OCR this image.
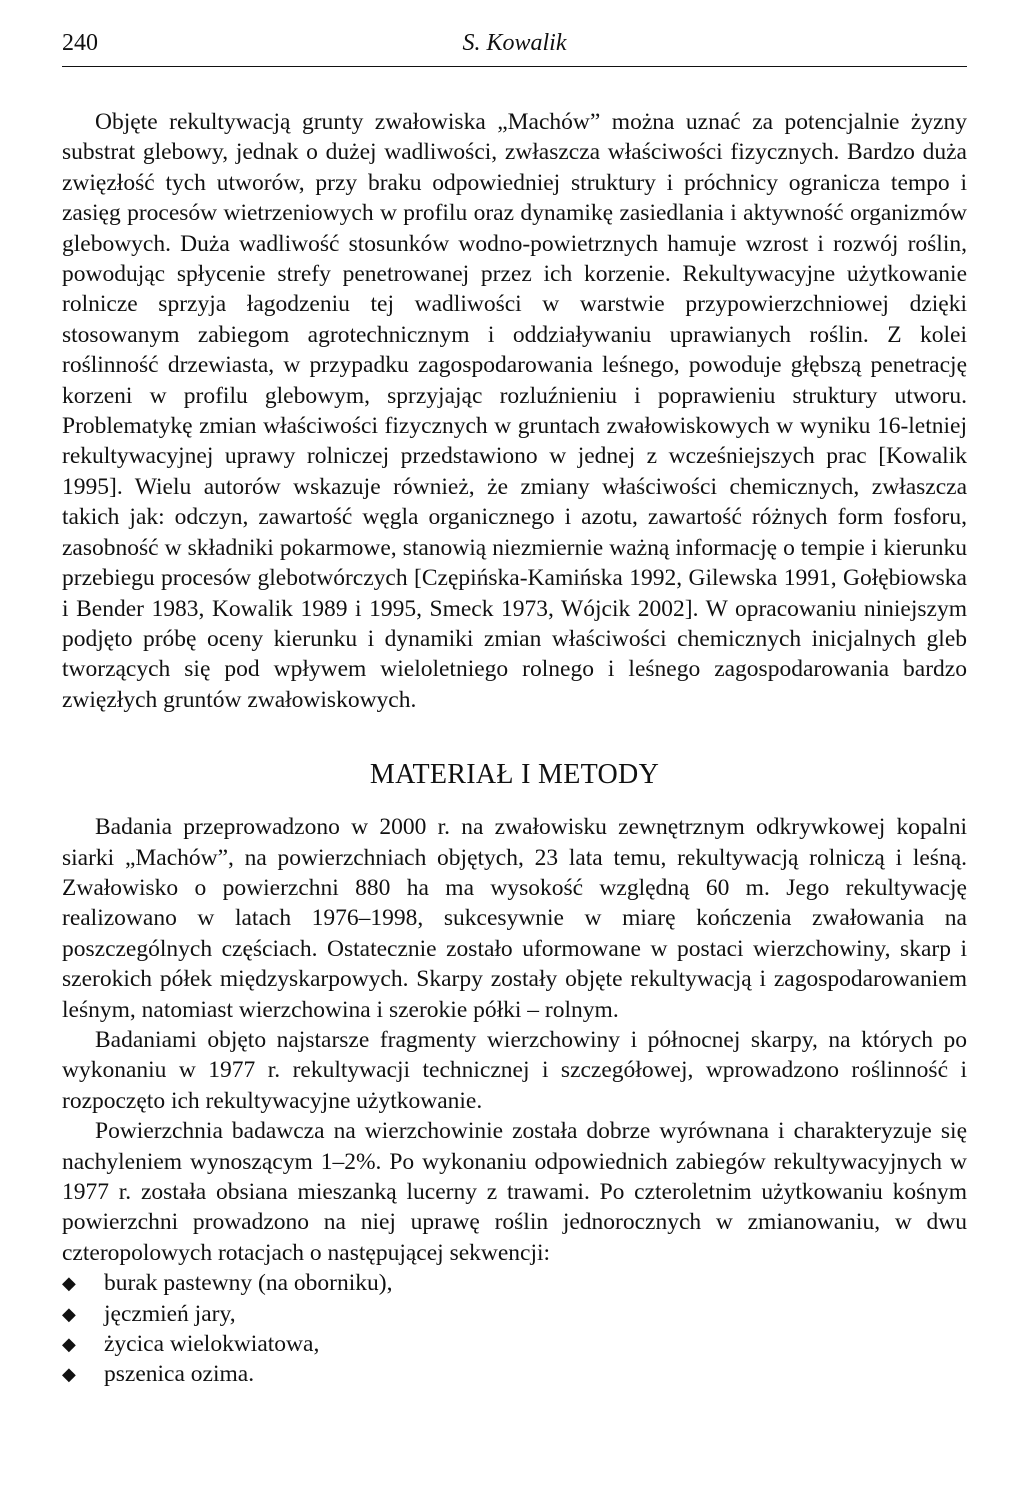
240	S. Kowalik

Objęte rekultywacją grunty zwałowiska „Machów” można uznać za potencjalnie żyzny substrat glebowy, jednak o dużej wadliwości, zwłaszcza właściwości fizycznych. Bardzo duża zwięzłość tych utworów, przy braku odpowiedniej struktury i próchnicy ogranicza tempo i zasięg procesów wietrzeniowych w profilu oraz dynamikę zasiedlania i aktywność organizmów glebowych. Duża wadliwość stosunków wodno-powietrznych hamuje wzrost i rozwój roślin, powodując spłycenie strefy penetrowanej przez ich korzenie. Rekultywacyjne użytkowanie rolnicze sprzyja łagodzeniu tej wadliwości w warstwie przypowierzchniowej dzięki stosowanym zabiegom agrotechnicznym i oddziaływaniu uprawianych roślin. Z kolei roślinność drzewiasta, w przypadku zagospodarowania leśnego, powoduje głębszą penetrację korzeni w profilu glebowym, sprzyjając rozluźnieniu i poprawieniu struktury utworu. Problematykę zmian właściwości fizycznych w gruntach zwałowiskowych w wyniku 16-letniej rekultywacyjnej uprawy rolniczej przedstawiono w jednej z wcześniejszych prac [Kowalik 1995]. Wielu autorów wskazuje również, że zmiany właściwości chemicznych, zwłaszcza takich jak: odczyn, zawartość węgla organicznego i azotu, zawartość różnych form fosforu, zasobność w składniki pokarmowe, stanowią niezmiernie ważną informację o tempie i kierunku przebiegu procesów glebotwórczych [Czępińska-Kamińska 1992, Gilewska 1991, Gołębiowska i Bender 1983, Kowalik 1989 i 1995, Smeck 1973, Wójcik 2002]. W opracowaniu niniejszym podjęto próbę oceny kierunku i dynamiki zmian właściwości chemicznych inicjalnych gleb tworzących się pod wpływem wieloletniego rolnego i leśnego zagospodarowania bardzo zwięzłych gruntów zwałowiskowych.

MATERIAŁ I METODY

Badania przeprowadzono w 2000 r. na zwałowisku zewnętrznym odkrywkowej kopalni siarki „Machów”, na powierzchniach objętych, 23 lata temu, rekultywacją rolniczą i leśną. Zwałowisko o powierzchni 880 ha ma wysokość względną 60 m. Jego rekultywację realizowano w latach 1976–1998, sukcesywnie w miarę kończenia zwałowania na poszczególnych częściach. Ostatecznie zostało uformowane w postaci wierzchowiny, skarp i szerokich półek międzyskarpowych. Skarpy zostały objęte rekultywacją i zagospodarowaniem leśnym, natomiast wierzchowina i szerokie półki – rolnym.

Badaniami objęto najstarsze fragmenty wierzchowiny i północnej skarpy, na których po wykonaniu w 1977 r. rekultywacji technicznej i szczegółowej, wprowadzono roślinność i rozpoczęto ich rekultywacyjne użytkowanie.

Powierzchnia badawcza na wierzchowinie została dobrze wyrównana i charakteryzuje się nachyleniem wynoszącym 1–2%. Po wykonaniu odpowiednich zabiegów rekultywacyjnych w 1977 r. została obsiana mieszanką lucerny z trawami. Po czteroletnim użytkowaniu kośnym powierzchni prowadzono na niej uprawę roślin jednorocznych w zmianowaniu, w dwu czteropolowych rotacjach o następującej sekwencji:

◆ burak pastewny (na oborniku),
◆ jęczmień jary,
◆ życica wielokwiatowa,
◆ pszenica ozima.
